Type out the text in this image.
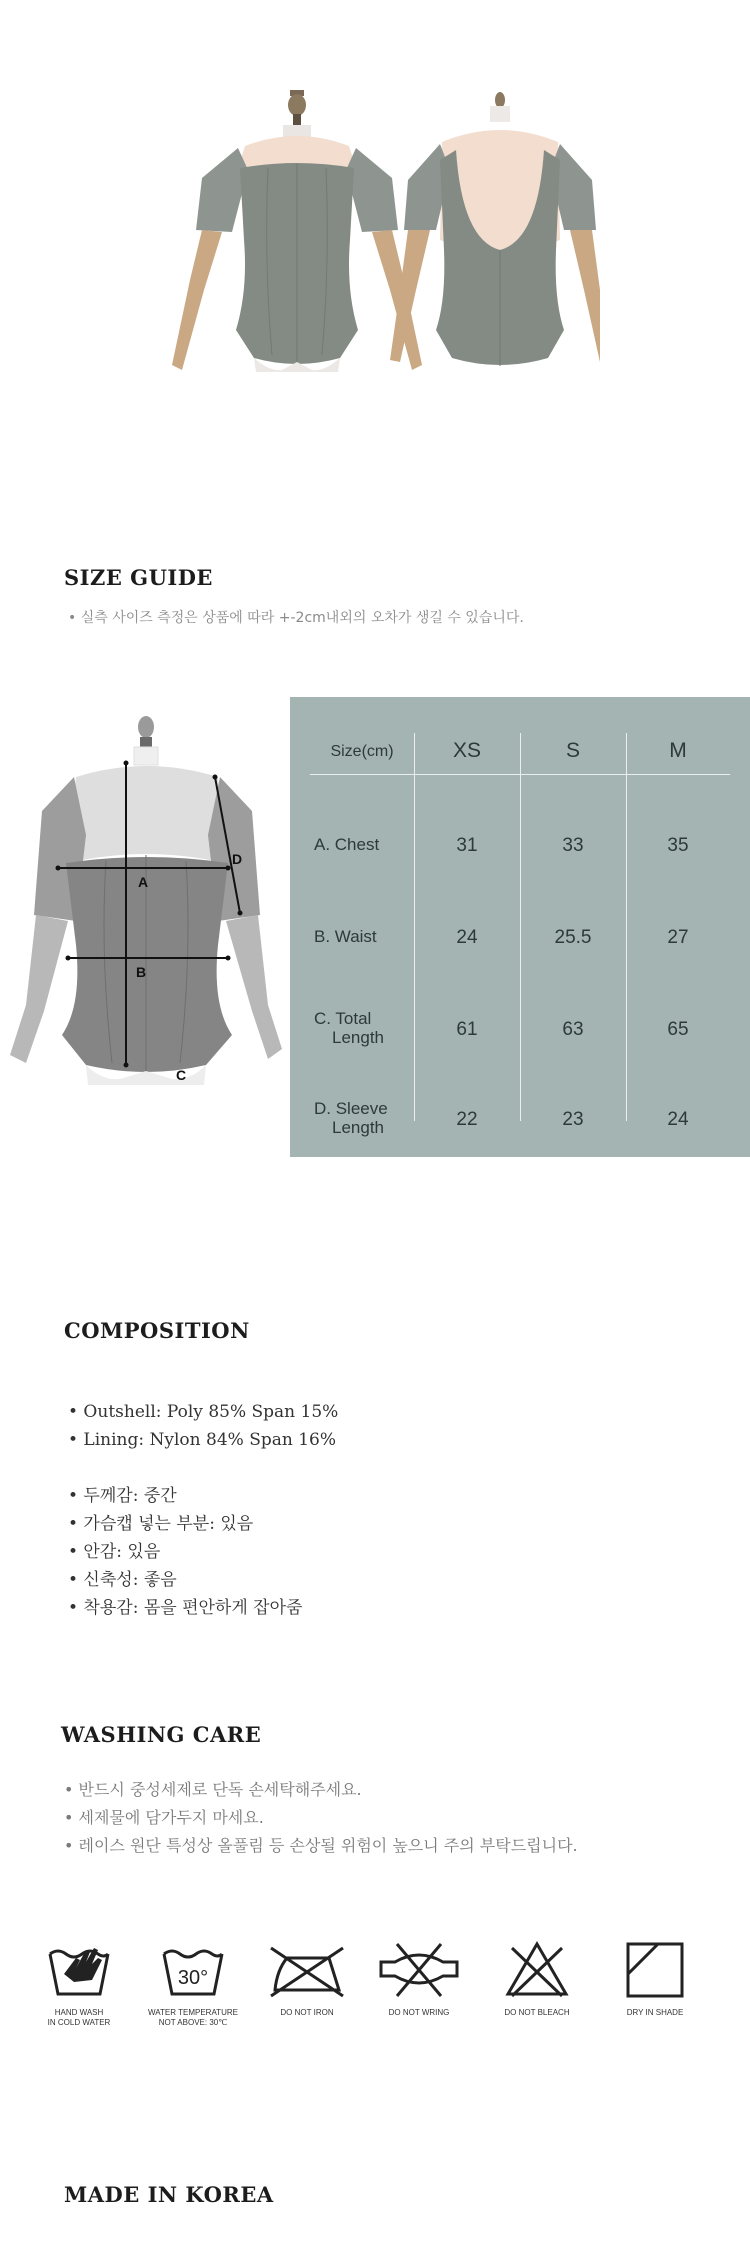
SIZE GUIDE
• 실측 사이즈 측정은 상품에 따라 +-2cm내외의 오차가 생길 수 있습니다.
A
B
C
D
Size(cm)	XS	S	M
A. Chest	31	33	35
B. Waist	24	25.5	27
C. Total
Length	61	63	65
D. Sleeve
Length	22	23	24
COMPOSITION
• Outshell: Poly 85% Span 15%
• Lining: Nylon 84% Span 16%
• 두께감: 중간
• 가슴캡 넣는 부분: 있음
• 안감: 있음
• 신축성: 좋음
• 착용감: 몸을 편안하게 잡아줌
WASHING CARE
• 반드시 중성세제로 단독 손세탁해주세요.
• 세제물에 담가두지 마세요.
• 레이스 원단 특성상 올풀림 등 손상될 위험이 높으니 주의 부탁드립니다.
HAND WASH
IN COLD WATER
30°
WATER TEMPERATURE
NOT ABOVE: 30℃
DO NOT IRON	DO NOT WRING	DO NOT BLEACH	DRY IN SHADE
MADE IN KOREA
